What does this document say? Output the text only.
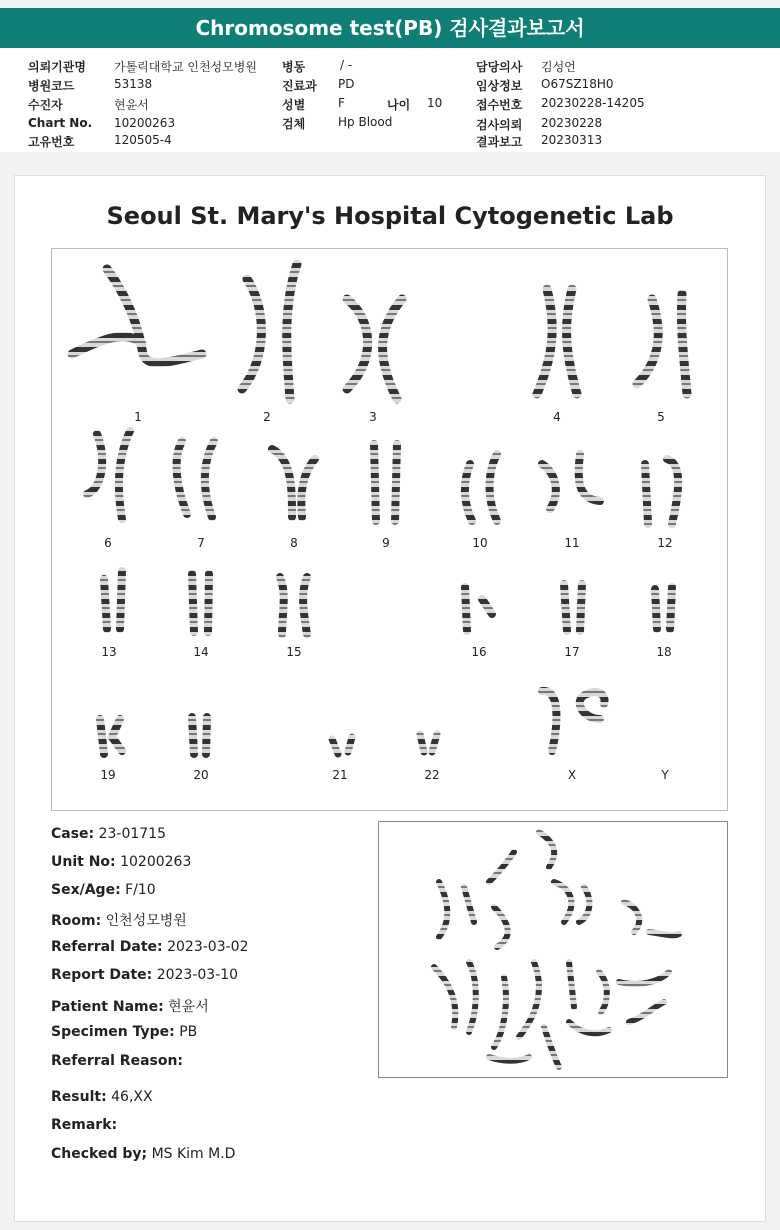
Chromosome test(PB) 검사결과보고서
의뢰기관명 가톨릭대학교 인천성모병원
병원코드	53138
수진자	현윤서
Chart No. 10200263
고유번호	120505-4
병동	/ -
진료과 PD
성별	F	나이 10
검체	Hp Blood
담당의사 김성언
임상정보 O67SZ18H0
접수번호 20230228-14205
검사의뢰 20230228
결과보고 20230313
Seoul St. Mary's Hospital Cytogenetic Lab
1	2	3	4	5
6	7	8	9	10	11	12
13	14	15	16	17	18
19	20	21	22	X	Y
Case: 23-01715
Unit No: 10200263
Sex/Age: F/10
Room: 인천성모병원
Referral Date: 2023-03-02
Report Date: 2023-03-10
Patient Name: 현윤서
Specimen Type: PB
Referral Reason:
Result: 46,XX
Remark:
Checked by; MS Kim M.D
